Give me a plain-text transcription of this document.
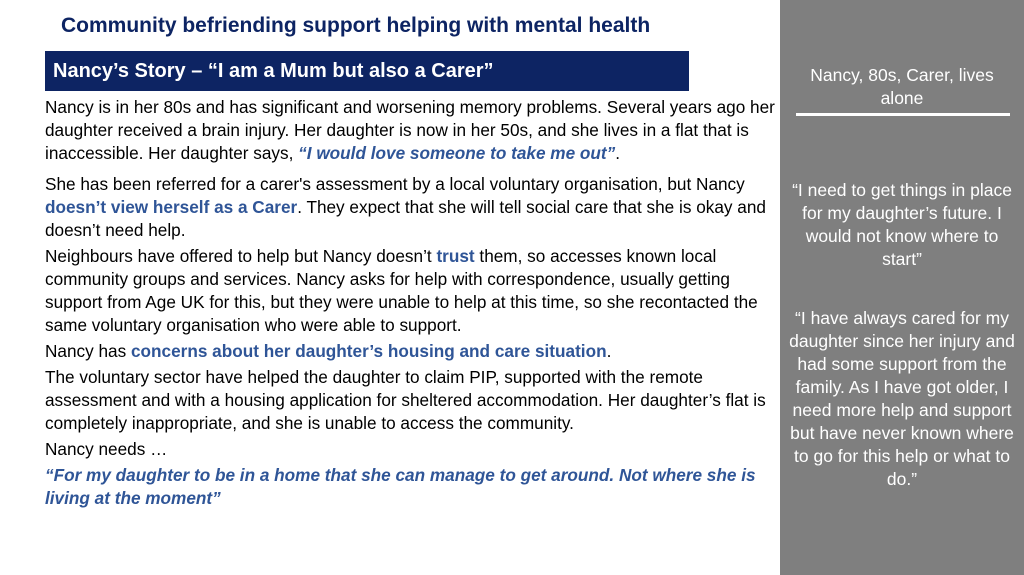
Community befriending support helping with mental health
Nancy’s Story – “I am a Mum but also a Carer”

Nancy is in her 80s and has significant and worsening memory problems. Several years ago her daughter received a brain injury. Her daughter is now in her 50s, and she lives in a flat that is inaccessible. Her daughter says, “I would love someone to take me out”.

She has been referred for a carer's assessment by a local voluntary organisation, but Nancy doesn’t view herself as a Carer. They expect that she will tell social care that she is okay and doesn’t need help.

Neighbours have offered to help but Nancy doesn’t trust them, so accesses known local community groups and services. Nancy asks for help with correspondence, usually getting support from Age UK for this, but they were unable to help at this time, so she recontacted the same voluntary organisation who were able to support.

Nancy has concerns about her daughter’s housing and care situation.

The voluntary sector have helped the daughter to claim PIP, supported with the remote assessment and with a housing application for sheltered accommodation. Her daughter’s flat is completely inappropriate, and she is unable to access the community.

Nancy needs …

“For my daughter to be in a home that she can manage to get around. Not where she is living at the moment”

Nancy, 80s, Carer, lives alone
“I need to get things in place for my daughter’s future. I would not know where to start”
“I have always cared for my daughter since her injury and had some support from the family. As I have got older, I need more help and support but have never known where to go for this help or what to do.”
